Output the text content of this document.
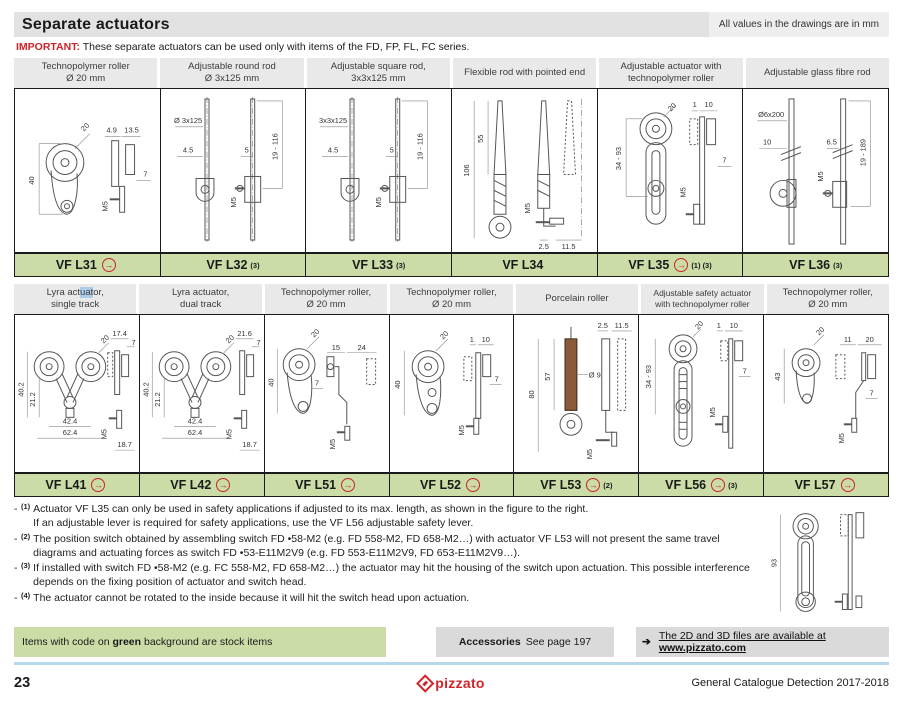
Separate actuators	All values in the drawings are in mm
IMPORTANT: These separate actuators can be used only with items of the FD, FP, FL, FC series.
Technopolymer roller
Ø 20 mm
Adjustable round rod
Ø 3x125 mm
Adjustable square rod,
3x3x125 mm
Flexible rod with pointed end
Adjustable actuator with
technopolymer roller
Adjustable glass fibre rod
4.9 13.5
20
40
M5
7
Ø 3x125
4.5	5	19 - 116
M5
3x3x125
4.5	5	19 - 116
M5
106
55
M5
2.5 11.5
20 1 10
34 - 93	7
M5
Ø6x200
10	6.5	19 - 189
M5
VF L31 →	VF L32 (3)	VF L33 (3)	VF L34	VF L35 → (1) (3)	VF L36 (3)
Lyra actuator,
single track
Lyra actuator,
dual track
Technopolymer roller,
Ø 20 mm
Technopolymer roller,
Ø 20 mm
Porcelain roller	Adjustable safety actuator
with technopolymer roller
Technopolymer roller,
Ø 20 mm
17.4
7
20
40.2
21.2
42.4
62.4	M5
18.7
21.6
7
20
40.2
21.2
42.4
62.4	M5
18.7
20
15 24
40	7
M5
20	1 10
40
7
M5
2.5 11.5
Ø 9
80
57
M5
20 1 10
34 - 93	7
M5
20
11 20
43
7
M5
VF L41 →	VF L42 →	VF L51 →	VF L52 →	VF L53 → (2)	VF L56 → (3)	VF L57 →
- (1) Actuator VF L35 can only be used in safety applications if adjusted to its max. length, as shown in the figure to the right.
If an adjustable lever is required for safety applications, use the VF L56 adjustable safety lever.
- (2) The position switch obtained by assembling switch FD •58-M2 (e.g. FD 558-M2, FD 658-M2…) with actuator VF L53 will not present the same travel diagrams and actuating forces as switch FD •53-E11M2V9 (e.g. FD 553-E11M2V9, FD 653-E11M2V9…).
- (3) If installed with switch FD •58-M2 (e.g. FC 558-M2, FD 658-M2…) the actuator may hit the housing of the switch upon actuation. This possible interference depends on the fixing position of actuator and switch head.
- (4) The actuator cannot be rotated to the inside because it will hit the switch head upon actuation.
93
Items with code on green background are stock items	Accessories See page 197	➔ The 2D and 3D files are available at www.pizzato.com
23	pizzato	General Catalogue Detection 2017-2018
